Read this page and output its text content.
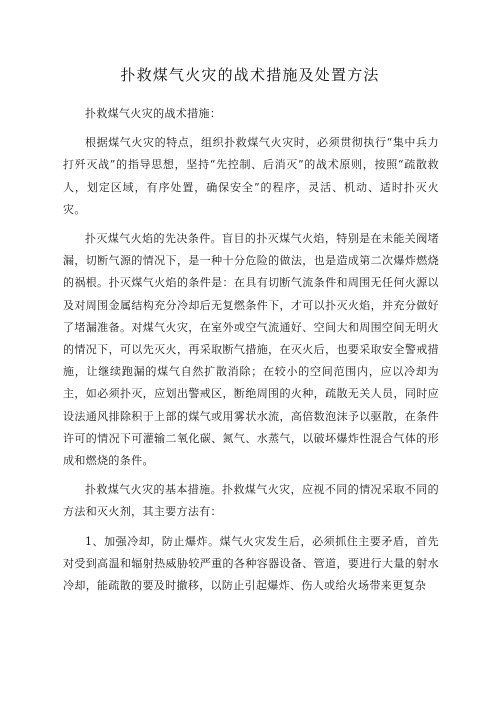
扑救煤气火灾的战术措施及处置方法

扑救煤气火灾的战术措施：

根据煤气火灾的特点，组织扑救煤气火灾时，必须贯彻执行“集中兵力打歼灭战”的指导思想，坚持“先控制、后消灭”的战术原则，按照“疏散救人，划定区域，有序处置，确保安全”的程序，灵活、机动、适时扑灭火灾。

扑灭煤气火焰的先决条件。盲目的扑灭煤气火焰，特别是在未能关阀堵漏，切断气源的情况下，是一种十分危险的做法，也是造成第二次爆炸燃烧的祸根。扑灭煤气火焰的条件是：在具有切断气流条件和周围无任何火源以及对周围金属结构充分冷却后无复燃条件下，才可以扑灭火焰，并充分做好了堵漏准备。对煤气火灾，在室外或空气流通好、空间大和周围空间无明火的情况下，可以先灭火，再采取断气措施，在灭火后，也要采取安全警戒措施，让继续跑漏的煤气自然扩散消除；在较小的空间范围内，应以冷却为主，如必须扑灭，应划出警戒区，断绝周围的火种，疏散无关人员，同时应设法通风排除积于上部的煤气或用雾状水流，高倍数泡沫予以驱散，在条件许可的情况下可灌输二氧化碳、氮气、水蒸气，以破坏爆炸性混合气体的形成和燃烧的条件。

扑救煤气火灾的基本措施。扑救煤气火灾，应视不同的情况采取不同的方法和灭火剂，其主要方法有：

1、加强冷却，防止爆炸。煤气火灾发生后，必须抓住主要矛盾，首先对受到高温和辐射热威胁较严重的各种容器设备、管道，要进行大量的射水冷却，能疏散的要及时撤移，以防止引起爆炸、伤人或给火场带来更复杂
